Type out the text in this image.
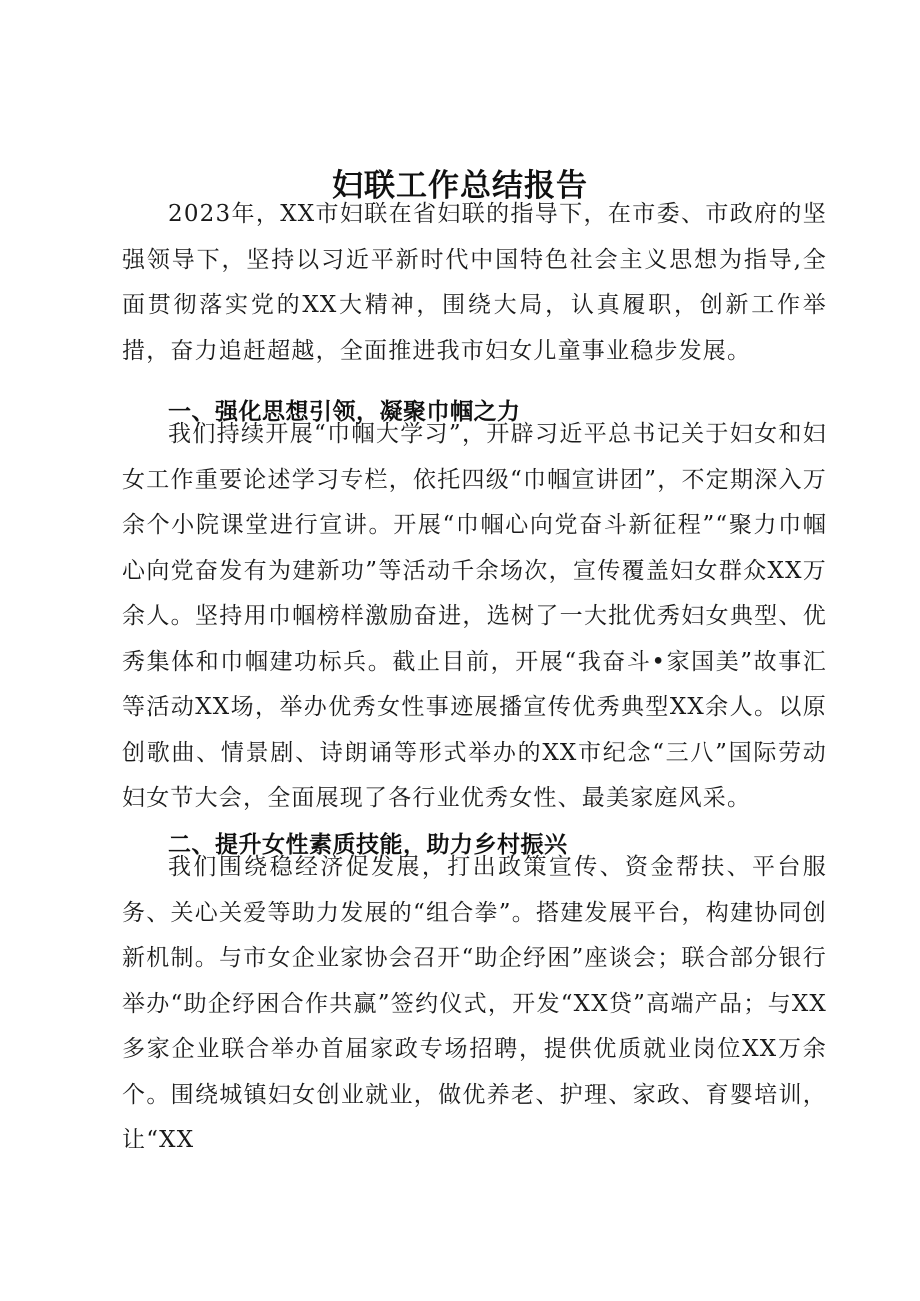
妇联工作总结报告

2023年，XX市妇联在省妇联的指导下，在市委、市政府的坚强领导下，坚持以习近平新时代中国特色社会主义思想为指导,全面贯彻落实党的XX大精神，围绕大局，认真履职，创新工作举措，奋力追赶超越，全面推进我市妇女儿童事业稳步发展。

一、强化思想引领，凝聚巾帼之力

我们持续开展“巾帼大学习”，开辟习近平总书记关于妇女和妇女工作重要论述学习专栏，依托四级“巾帼宣讲团”，不定期深入万余个小院课堂进行宣讲。开展“巾帼心向党奋斗新征程”“聚力巾帼心向党奋发有为建新功”等活动千余场次，宣传覆盖妇女群众XX万余人。坚持用巾帼榜样激励奋进，选树了一大批优秀妇女典型、优秀集体和巾帼建功标兵。截止目前，开展“我奋斗•家国美”故事汇等活动XX场，举办优秀女性事迹展播宣传优秀典型XX余人。以原创歌曲、情景剧、诗朗诵等形式举办的XX市纪念“三八”国际劳动妇女节大会，全面展现了各行业优秀女性、最美家庭风采。

二、提升女性素质技能，助力乡村振兴

我们围绕稳经济促发展，打出政策宣传、资金帮扶、平台服务、关心关爱等助力发展的“组合拳”。搭建发展平台，构建协同创新机制。与市女企业家协会召开“助企纾困”座谈会；联合部分银行举办“助企纾困合作共赢”签约仪式，开发“XX贷”高端产品；与XX多家企业联合举办首届家政专场招聘，提供优质就业岗位XX万余个。围绕城镇妇女创业就业，做优养老、护理、家政、育婴培训，让“XX
